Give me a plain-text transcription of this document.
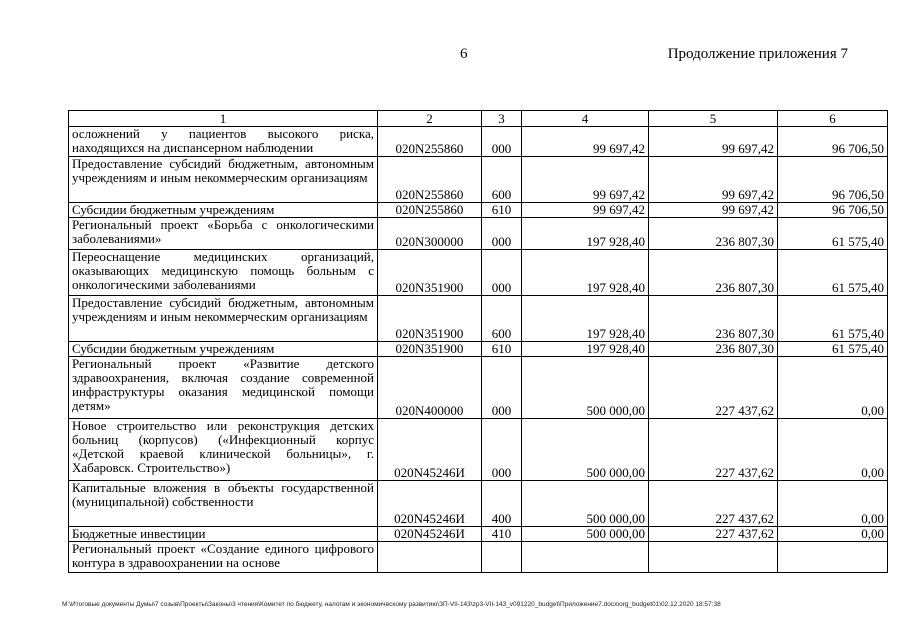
6	Продолжение приложения 7
1	2	3	4	5	6
осложнений у пациентов высокого риска, находящихся на диспансерном наблюдении	020N255860	000	99 697,42	99 697,42	96 706,50
Предоставление субсидий бюджетным, автономным учреждениям и иным некоммерческим организациям	020N255860	600	99 697,42	99 697,42	96 706,50
Субсидии бюджетным учреждениям	020N255860	610	99 697,42	99 697,42	96 706,50
Региональный проект «Борьба с онкологическими заболеваниями»	020N300000	000	197 928,40	236 807,30	61 575,40
Переоснащение медицинских организаций, оказывающих медицинскую помощь больным с онкологическими заболеваниями	020N351900	000	197 928,40	236 807,30	61 575,40
Предоставление субсидий бюджетным, автономным учреждениям и иным некоммерческим организациям	020N351900	600	197 928,40	236 807,30	61 575,40
Субсидии бюджетным учреждениям	020N351900	610	197 928,40	236 807,30	61 575,40
Региональный проект «Развитие детского здравоохранения, включая создание современной инфраструктуры оказания медицинской помощи детям»	020N400000	000	500 000,00	227 437,62	0,00
Новое строительство или реконструкция детских больниц (корпусов) («Инфекционный корпус «Детской краевой клинической больницы», г. Хабаровск. Строительство»)	020N45246И	000	500 000,00	227 437,62	0,00
Капитальные вложения в объекты государственной (муниципальной) собственности	020N45246И	400	500 000,00	227 437,62	0,00
Бюджетные инвестиции	020N45246И	410	500 000,00	227 437,62	0,00
Региональный проект «Создание единого цифрового контура в здравоохранении на основе					
M:\Итоговые документы Думы\7 созыв\Проекты\Законы\3 чтения\Комитет по бюджету, налогам и экономическому развитию\ЗП-VII-143\zp3-VII-143_v091220_budget\Приложение7.docx\org_budget01\02.12.2020 18:57:38
